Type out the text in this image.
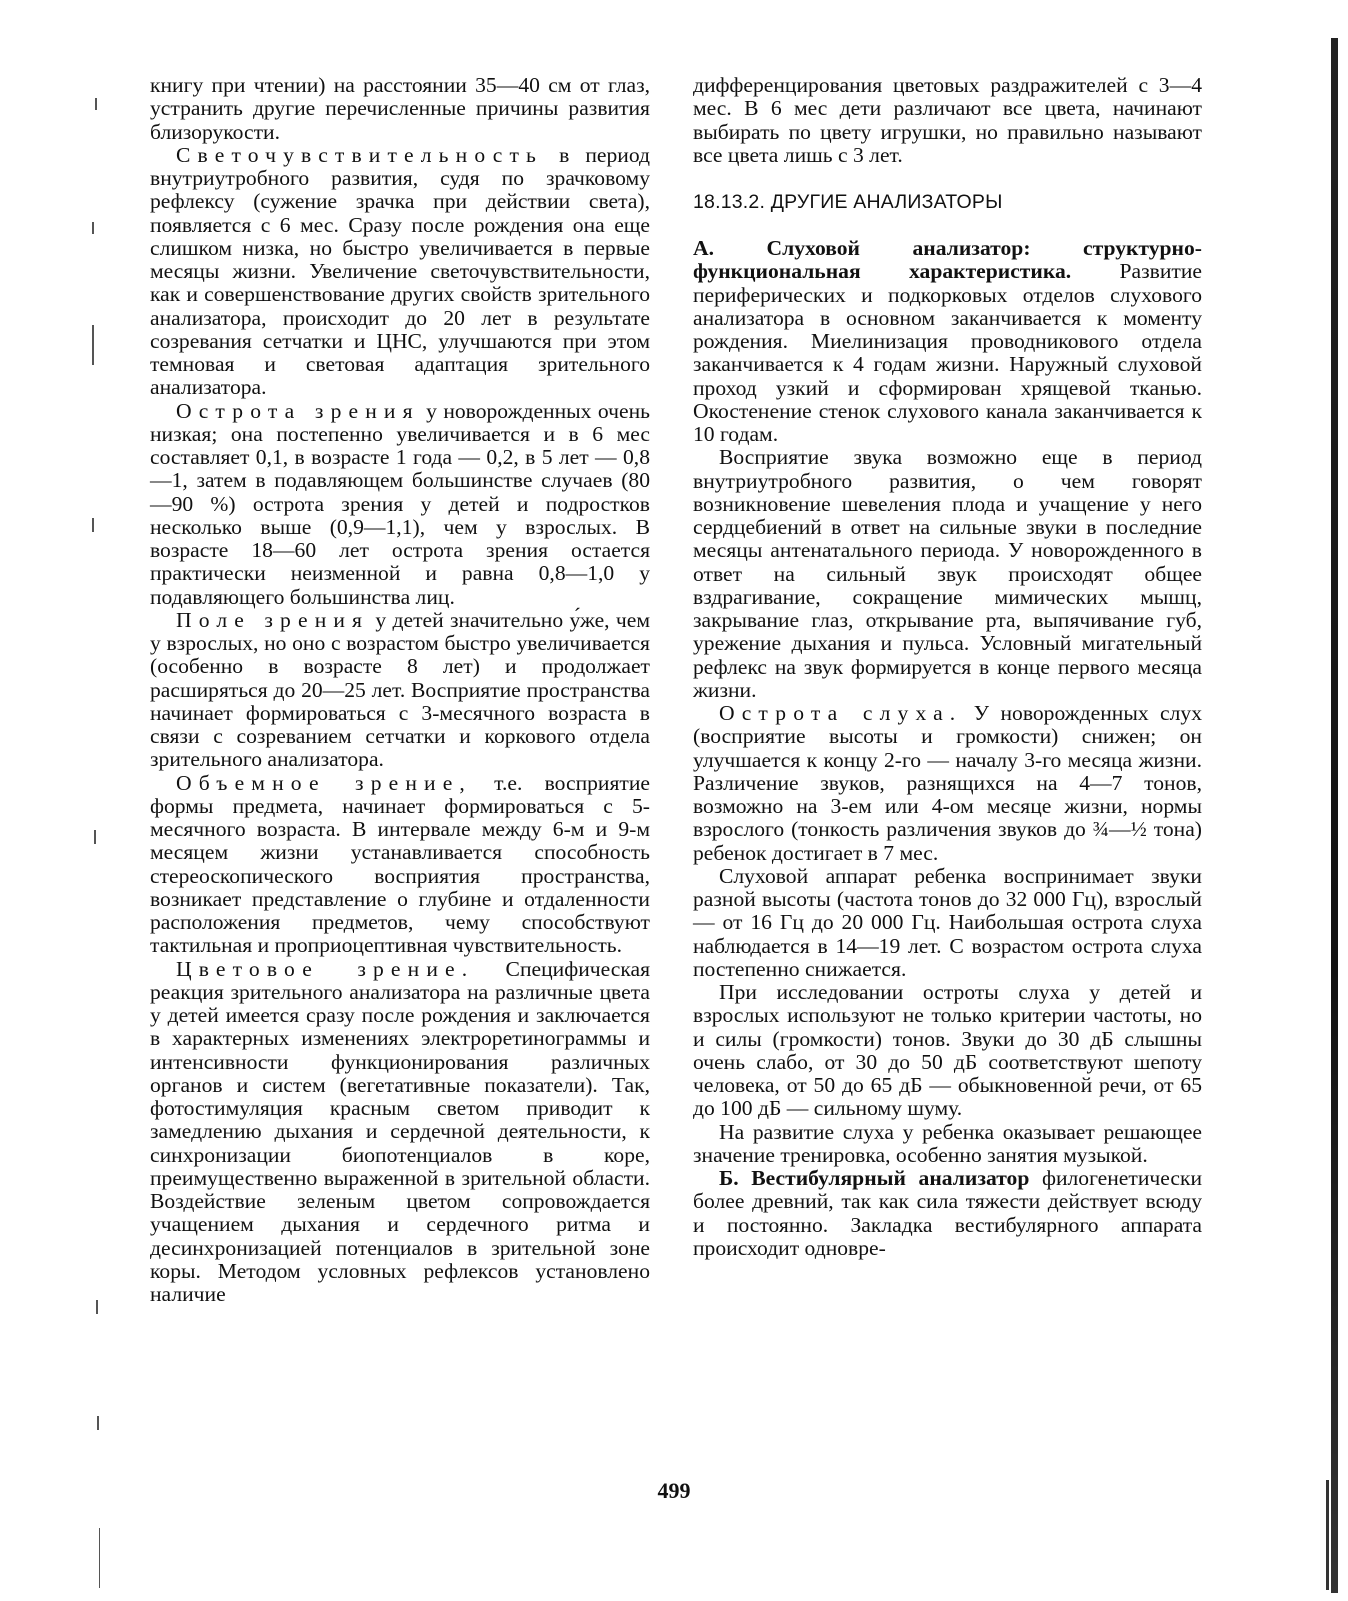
книгу при чтении) на расстоянии 35—40 см от глаз, устранить другие перечисленные причины развития близорукости.

Светочувствительность в период внутриутробного развития, судя по зрачковому рефлексу (сужение зрачка при действии света), появляется с 6 мес. Сразу после рождения она еще слишком низка, но быстро увеличивается в первые месяцы жизни. Увеличение светочувствительности, как и совершенствование других свойств зрительного анализатора, происходит до 20 лет в результате созревания сетчатки и ЦНС, улучшаются при этом темновая и световая адаптация зрительного анализатора.

Острота зрения у новорожденных очень низкая; она постепенно увеличивается и в 6 мес составляет 0,1, в возрасте 1 года — 0,2, в 5 лет — 0,8—1, затем в подавляющем большинстве случаев (80—90 %) острота зрения у детей и подростков несколько выше (0,9—1,1), чем у взрослых. В возрасте 18—60 лет острота зрения остается практически неизменной и равна 0,8—1,0 у подавляющего большинства лиц.

Поле зрения у детей значительно у́же, чем у взрослых, но оно с возрастом быстро увеличивается (особенно в возрасте 8 лет) и продолжает расширяться до 20—25 лет. Восприятие пространства начинает формироваться с 3-месячного возраста в связи с созреванием сетчатки и коркового отдела зрительного анализатора.

Объемное зрение, т.е. восприятие формы предмета, начинает формироваться с 5-месячного возраста. В интервале между 6-м и 9-м месяцем жизни устанавливается способность стереоскопического восприятия пространства, возникает представление о глубине и отдаленности расположения предметов, чему способствуют тактильная и проприоцептивная чувствительность.

Цветовое зрение. Специфическая реакция зрительного анализатора на различные цвета у детей имеется сразу после рождения и заключается в характерных изменениях электроретинограммы и интенсивности функционирования различных органов и систем (вегетативные показатели). Так, фотостимуляция красным светом приводит к замедлению дыхания и сердечной деятельности, к синхронизации биопотенциалов в коре, преимущественно выраженной в зрительной области. Воздействие зеленым цветом сопровождается учащением дыхания и сердечного ритма и десинхронизацией потенциалов в зрительной зоне коры. Методом условных рефлексов установлено наличие

дифференцирования цветовых раздражителей с 3—4 мес. В 6 мес дети различают все цвета, начинают выбирать по цвету игрушки, но правильно называют все цвета лишь с 3 лет.

18.13.2. ДРУГИЕ АНАЛИЗАТОРЫ

А. Слуховой анализатор: структурно-функциональная характеристика. Развитие периферических и подкорковых отделов слухового анализатора в основном заканчивается к моменту рождения. Миелинизация проводникового отдела заканчивается к 4 годам жизни. Наружный слуховой проход узкий и сформирован хрящевой тканью. Окостенение стенок слухового канала заканчивается к 10 годам.

Восприятие звука возможно еще в период внутриутробного развития, о чем говорят возникновение шевеления плода и учащение у него сердцебиений в ответ на сильные звуки в последние месяцы антенатального периода. У новорожденного в ответ на сильный звук происходят общее вздрагивание, сокращение мимических мышц, закрывание глаз, открывание рта, выпячивание губ, урежение дыхания и пульса. Условный мигательный рефлекс на звук формируется в конце первого месяца жизни.

Острота слуха. У новорожденных слух (восприятие высоты и громкости) снижен; он улучшается к концу 2-го — началу 3-го месяца жизни. Различение звуков, разнящихся на 4—7 тонов, возможно на 3-ем или 4-ом месяце жизни, нормы взрослого (тонкость различения звуков до ¾—½ тона) ребенок достигает в 7 мес.

Слуховой аппарат ребенка воспринимает звуки разной высоты (частота тонов до 32 000 Гц), взрослый — от 16 Гц до 20 000 Гц. Наибольшая острота слуха наблюдается в 14—19 лет. С возрастом острота слуха постепенно снижается.

При исследовании остроты слуха у детей и взрослых используют не только критерии частоты, но и силы (громкости) тонов. Звуки до 30 дБ слышны очень слабо, от 30 до 50 дБ соответствуют шепоту человека, от 50 до 65 дБ — обыкновенной речи, от 65 до 100 дБ — сильному шуму.

На развитие слуха у ребенка оказывает решающее значение тренировка, особенно занятия музыкой.

Б. Вестибулярный анализатор филогенетически более древний, так как сила тяжести действует всюду и постоянно. Закладка вестибулярного аппарата происходит одновре-

499
